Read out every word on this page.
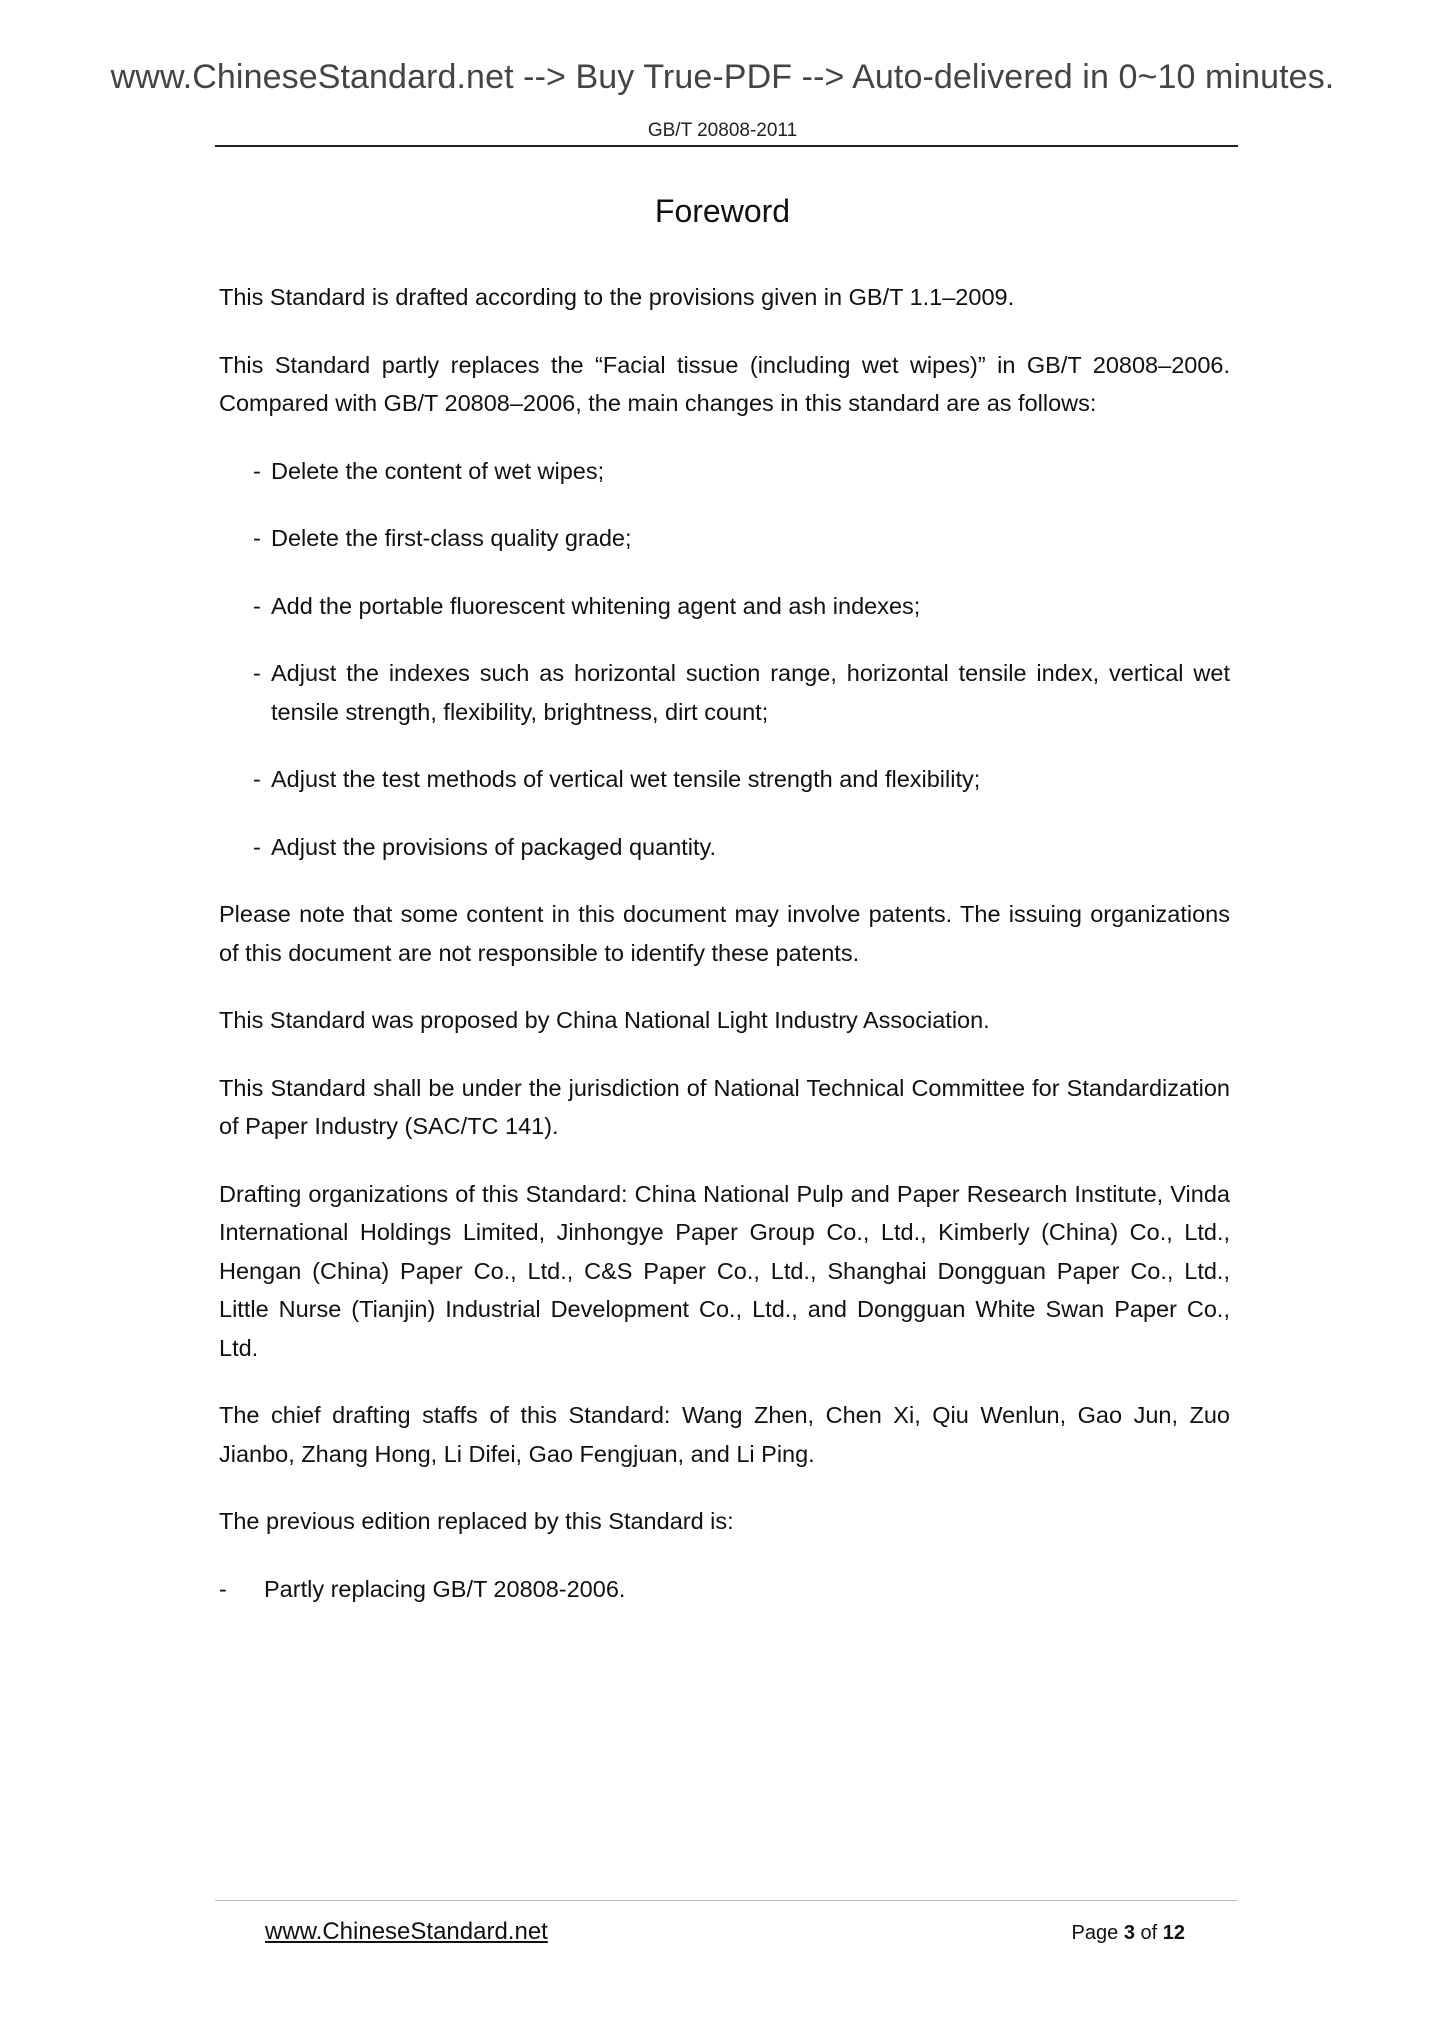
www.ChineseStandard.net --> Buy True-PDF --> Auto-delivered in 0~10 minutes.
GB/T 20808-2011
Foreword

This Standard is drafted according to the provisions given in GB/T 1.1–2009.

This Standard partly replaces the “Facial tissue (including wet wipes)” in GB/T 20808–2006. Compared with GB/T 20808–2006, the main changes in this standard are as follows:

- Delete the content of wet wipes;
- Delete the first-class quality grade;
- Add the portable fluorescent whitening agent and ash indexes;
- Adjust the indexes such as horizontal suction range, horizontal tensile index, vertical wet tensile strength, flexibility, brightness, dirt count;
- Adjust the test methods of vertical wet tensile strength and flexibility;
- Adjust the provisions of packaged quantity.

Please note that some content in this document may involve patents. The issuing organizations of this document are not responsible to identify these patents.

This Standard was proposed by China National Light Industry Association.

This Standard shall be under the jurisdiction of National Technical Committee for Standardization of Paper Industry (SAC/TC 141).

Drafting organizations of this Standard: China National Pulp and Paper Research Institute, Vinda International Holdings Limited, Jinhongye Paper Group Co., Ltd., Kimberly (China) Co., Ltd., Hengan (China) Paper Co., Ltd., C&S Paper Co., Ltd., Shanghai Dongguan Paper Co., Ltd., Little Nurse (Tianjin) Industrial Development Co., Ltd., and Dongguan White Swan Paper Co., Ltd.

The chief drafting staffs of this Standard: Wang Zhen, Chen Xi, Qiu Wenlun, Gao Jun, Zuo Jianbo, Zhang Hong, Li Difei, Gao Fengjuan, and Li Ping.

The previous edition replaced by this Standard is:

- Partly replacing GB/T 20808-2006.
www.ChineseStandard.net	Page 3 of 12
